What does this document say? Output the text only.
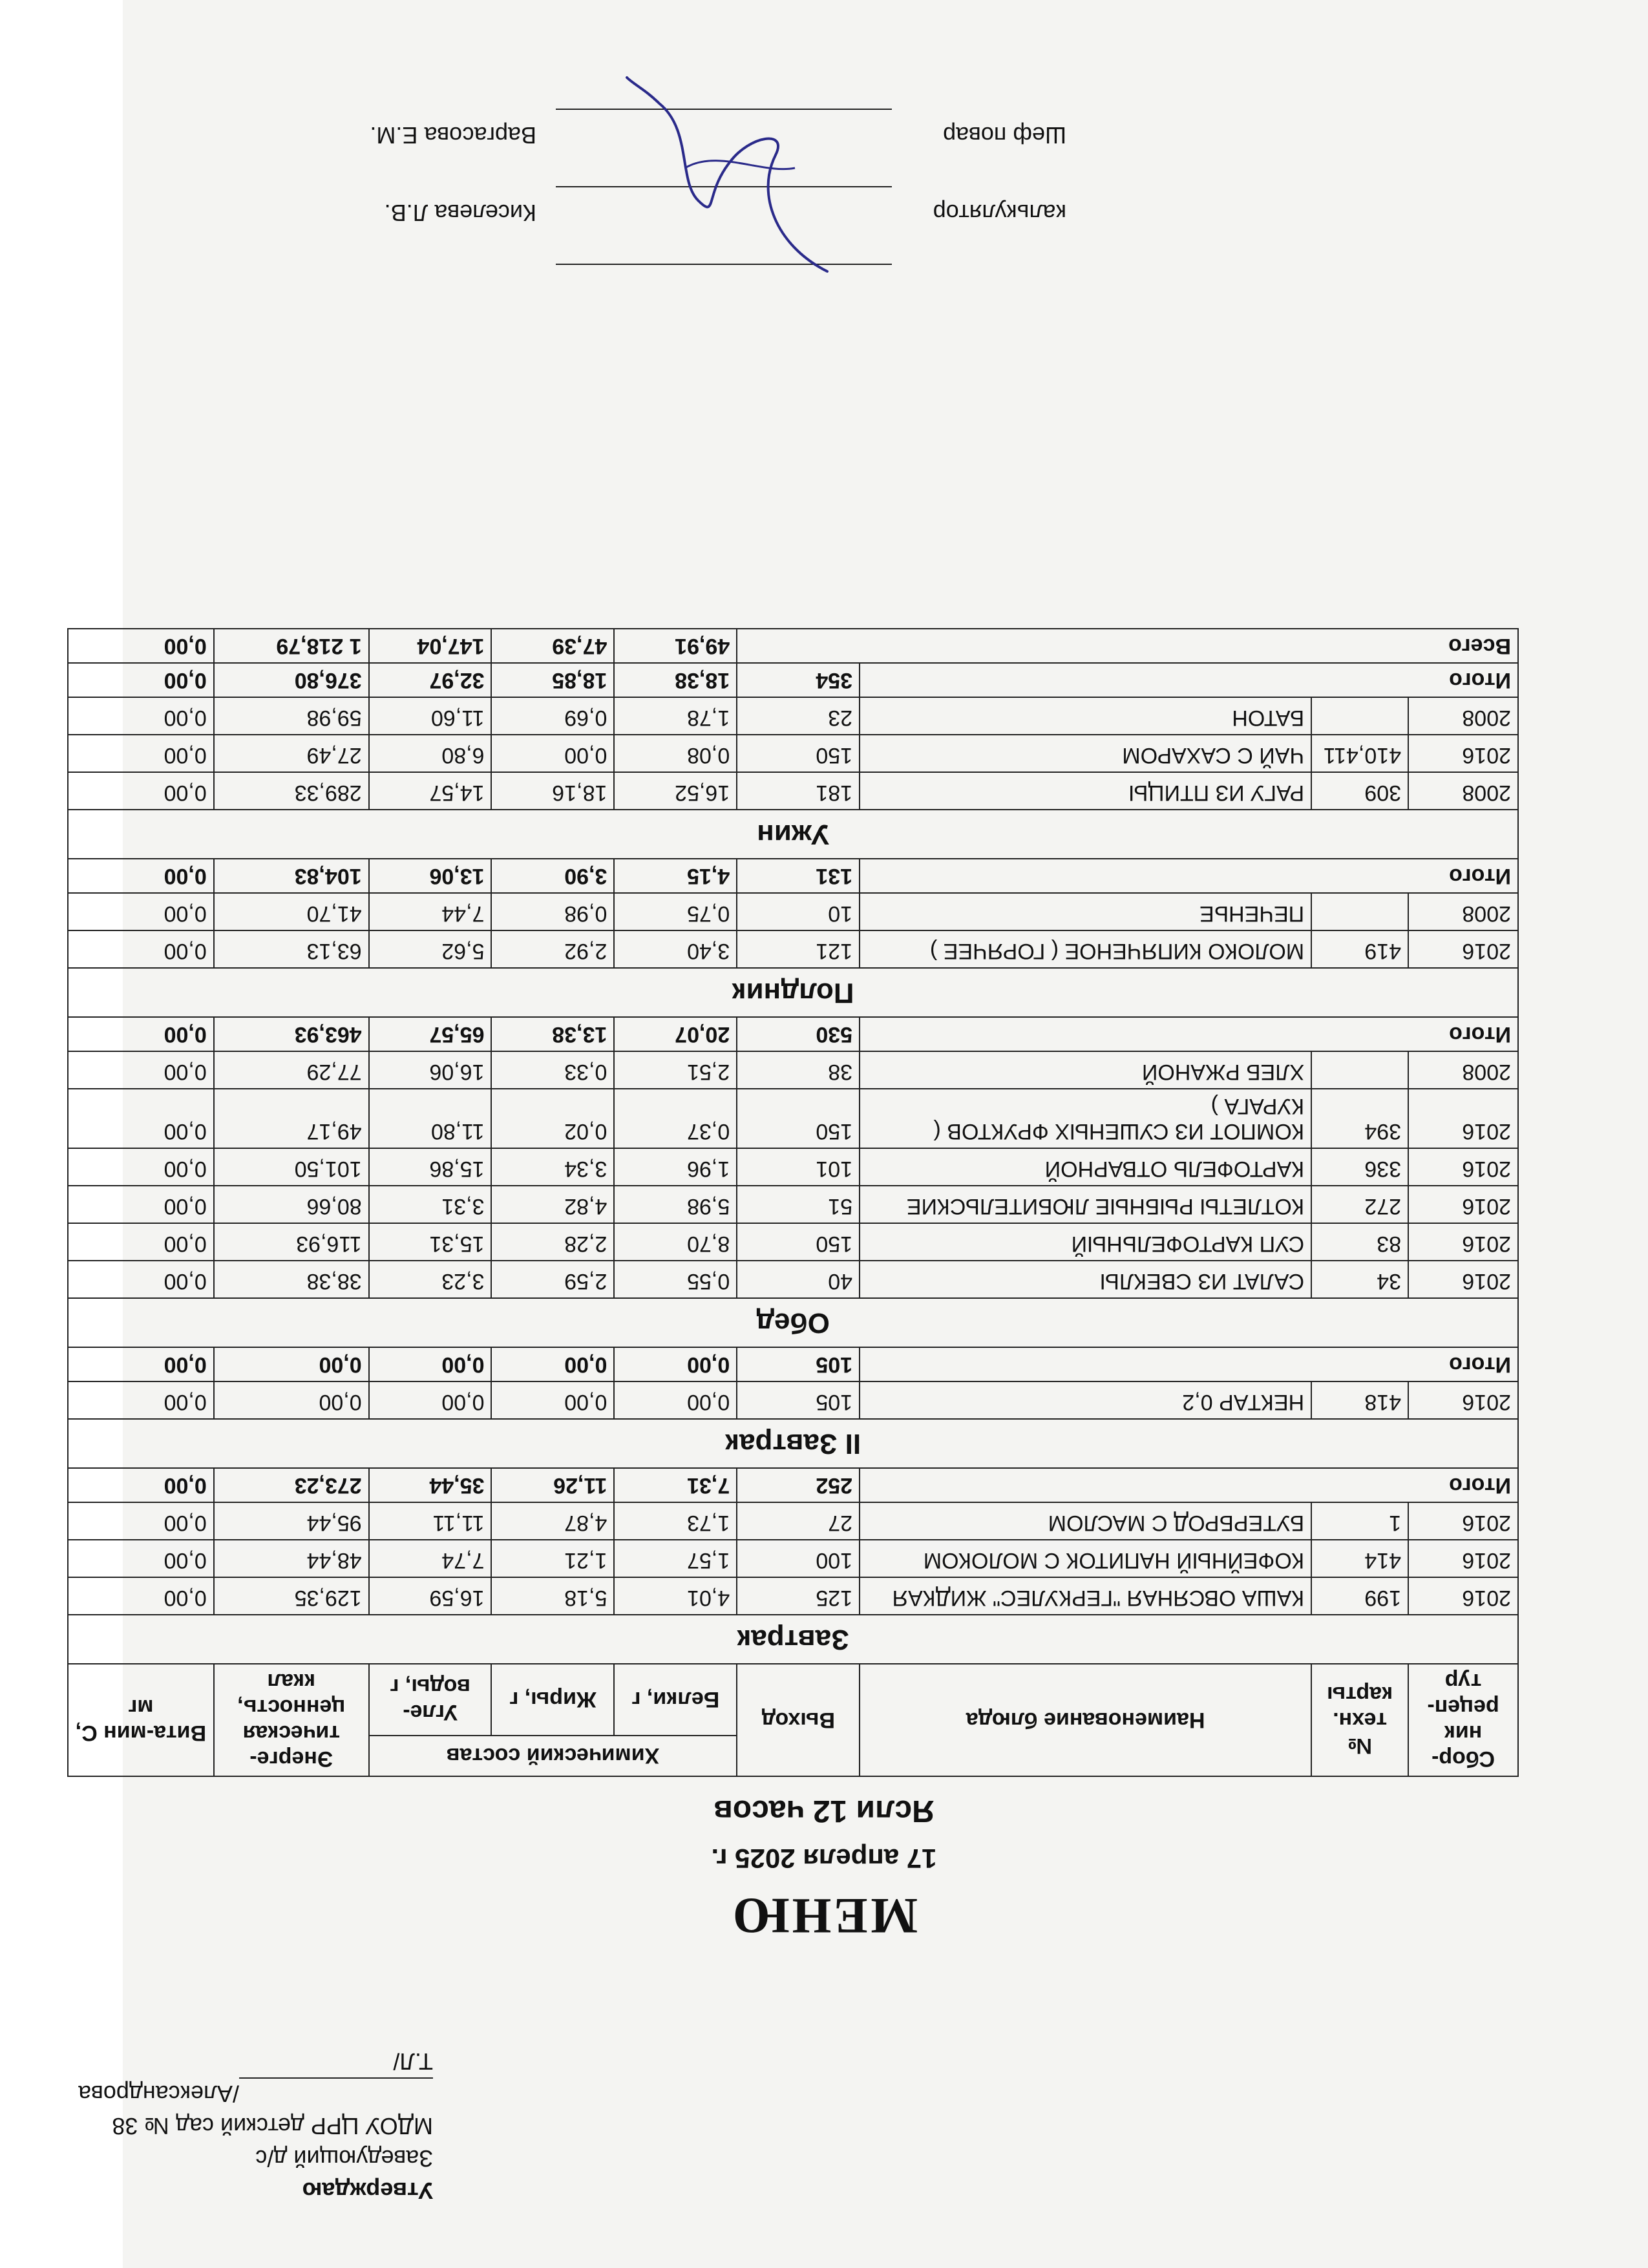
Утверждаю
Заведующий д/с
МДОУ ЦРР детский сад № 38
/Александрова Т.Л/
МЕНЮ
17 апреля 2025 г.
Ясли 12 часов
Сбор-ник рецеп-тур	№ техн. карты	Наименование блюда	Выход	Химический состав			Энерге-тическая ценность, ккал	Вита-мин С, мг
				Белки, г	Жиры, г	Угле-воды, г		
Завтрак								
2016	199	КАША ОВСЯНАЯ "ГЕРКУЛЕС" ЖИДКАЯ	125	4,01	5,18	16,59	129,35	0,00
2016	414	КОФЕЙНЫЙ НАПИТОК С МОЛОКОМ	100	1,57	1,21	7,74	48,44	0,00
2016	1	БУТЕРБРОД С МАСЛОМ	27	1,73	4,87	11,11	95,44	0,00
Итого			252	7,31	11,26	35,44	273,23	0,00
II Завтрак								
2016	418	НЕКТАР 0,2	105	0,00	0,00	0,00	0,00	0,00
Итого			105	0,00	0,00	0,00	0,00	0,00
Обед								
2016	34	САЛАТ ИЗ СВЕКЛЫ	40	0,55	2,59	3,23	38,38	0,00
2016	83	СУП КАРТОФЕЛЬНЫЙ	150	8,70	2,28	15,31	116,93	0,00
2016	272	КОТЛЕТЫ РЫБНЫЕ ЛЮБИТЕЛЬСКИЕ	51	5,98	4,82	3,31	80,66	0,00
2016	336	КАРТОФЕЛЬ ОТВАРНОЙ	101	1,96	3,34	15,86	101,50	0,00
2016	394	КОМПОТ ИЗ СУШЕНЫХ ФРУКТОВ ( КУРАГА )	150	0,37	0,02	11,80	49,17	0,00
2008		ХЛЕБ РЖАНОЙ	38	2,51	0,33	16,06	77,29	0,00
Итого			530	20,07	13,38	65,57	463,93	0,00
Полдник								
2016	419	МОЛОКО КИПЯЧЕНОЕ ( ГОРЯЧЕЕ )	121	3,40	2,92	5,62	63,13	0,00
2008		ПЕЧЕНЬЕ	10	0,75	0,98	7,44	41,70	0,00
Итого			131	4,15	3,90	13,06	104,83	0,00
Ужин								
2008	309	РАГУ ИЗ ПТИЦЫ	181	16,52	18,16	14,57	289,33	0,00
2016	410,411	ЧАЙ С САХАРОМ	150	0,08	0,00	6,80	27,49	0,00
2008		БАТОН	23	1,78	0,69	11,60	59,98	0,00
Итого			354	18,38	18,85	32,97	376,80	0,00
Всего				49,91	47,39	147,04	1 218,79	0,00
калькулятор
Киселева Л.В.
Шеф повар
Варгасова Е.М.
